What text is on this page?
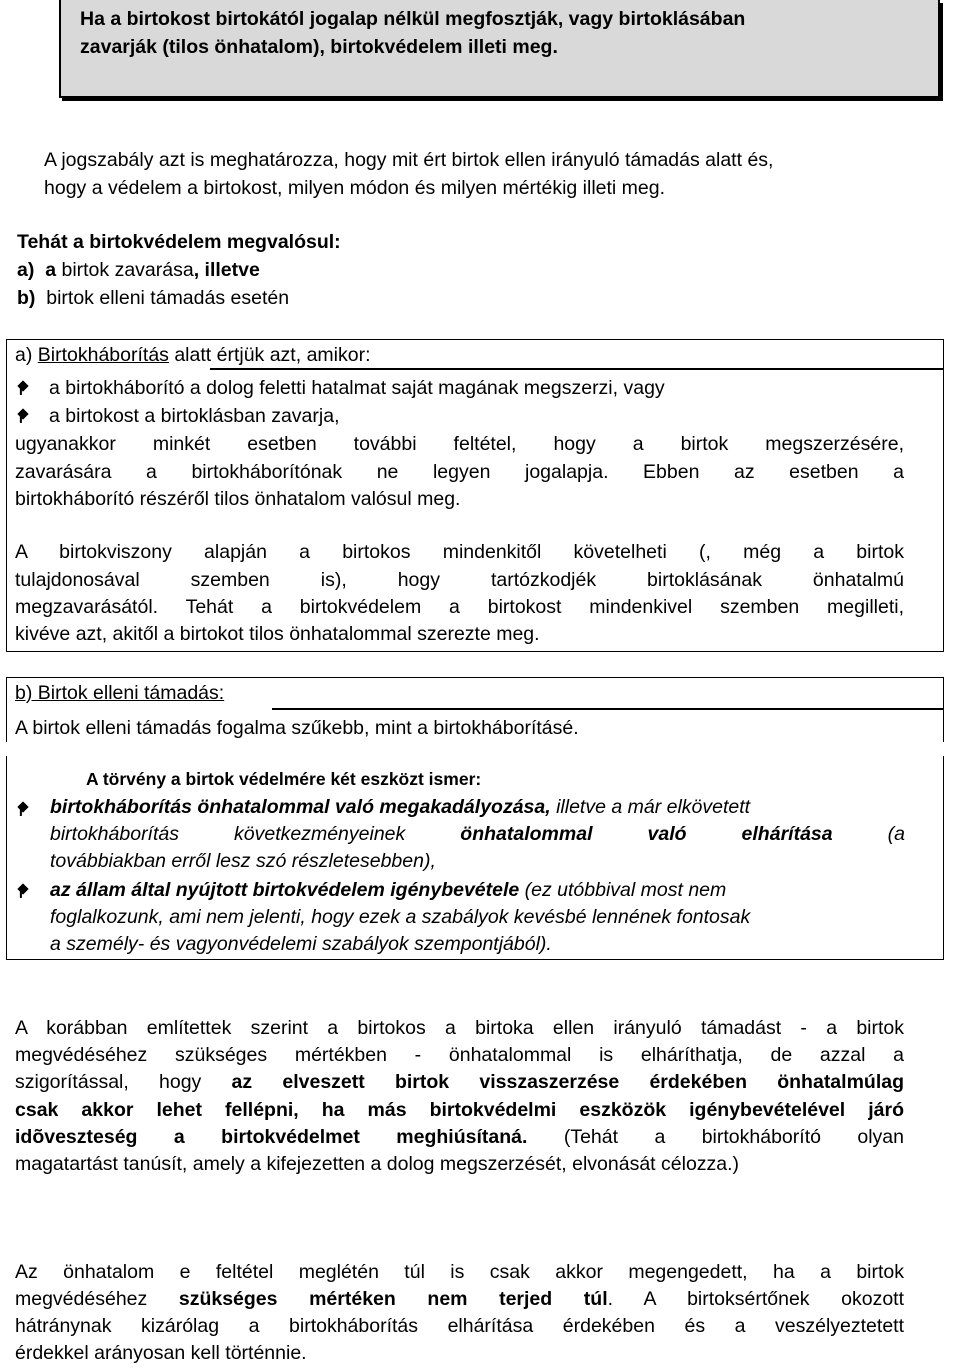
Ha a birtokost birtokától jogalap nélkül megfosztják, vagy birtoklásában
zavarják (tilos önhatalom), birtokvédelem illeti meg.
A jogszabály azt is meghatározza, hogy mit ért birtok ellen irányuló támadás alatt és,
hogy a védelem a birtokost, milyen módon és milyen mértékig illeti meg.
Tehát a birtokvédelem megvalósul:
a) a birtok zavarása, illetve
b) birtok elleni támadás esetén
a) Birtokháborítás alatt értjük azt, amikor:
a birtokháborító a dolog feletti hatalmat saját magának megszerzi, vagy
a birtokost a birtoklásban zavarja,
ugyanakkor minkét esetben további feltétel, hogy a birtok megszerzésére,
zavarására a birtokháborítónak ne legyen jogalapja. Ebben az esetben a
birtokháborító részéről tilos önhatalom valósul meg.
A birtokviszony alapján a birtokos mindenkitől követelheti (, még a birtok
tulajdonosával szemben is), hogy tartózkodjék birtoklásának önhatalmú
megzavarásától. Tehát a birtokvédelem a birtokost mindenkivel szemben megilleti,
kivéve azt, akitől a birtokot tilos önhatalommal szerezte meg.
b) Birtok elleni támadás:
A birtok elleni támadás fogalma szűkebb, mint a birtokháborításé.
A törvény a birtok védelmére két eszközt ismer:
birtokháborítás önhatalommal való megakadályozása, illetve a már elkövetett
birtokháborítás	következményeinek	önhatalommal	való	elhárítása	(a
továbbiakban erről lesz szó részletesebben),
az állam által nyújtott birtokvédelem igénybevétele (ez utóbbival most nem
foglalkozunk, ami nem jelenti, hogy ezek a szabályok kevésbé lennének fontosak
a személy- és vagyonvédelemi szabályok szempontjából).
A korábban említettek szerint a birtokos a birtoka ellen irányuló támadást - a birtok
megvédéséhez szükséges mértékben - önhatalommal is elháríthatja, de azzal a
szigorítással, hogy az elveszett birtok visszaszerzése érdekében önhatalmúlag
csak akkor lehet fellépni, ha más birtokvédelmi eszközök igénybevételével járó
idõveszteség a birtokvédelmet meghiúsítaná. (Tehát a birtokháborító olyan
magatartást tanúsít, amely a kifejezetten a dolog megszerzését, elvonását célozza.)
Az önhatalom e feltétel meglétén túl is csak akkor megengedett, ha a birtok
megvédéséhez szükséges mértéken nem terjed túl. A birtoksértőnek okozott
hátránynak kizárólag a birtokháborítás elhárítása érdekében és a veszélyeztetett
érdekkel arányosan kell történnie.
